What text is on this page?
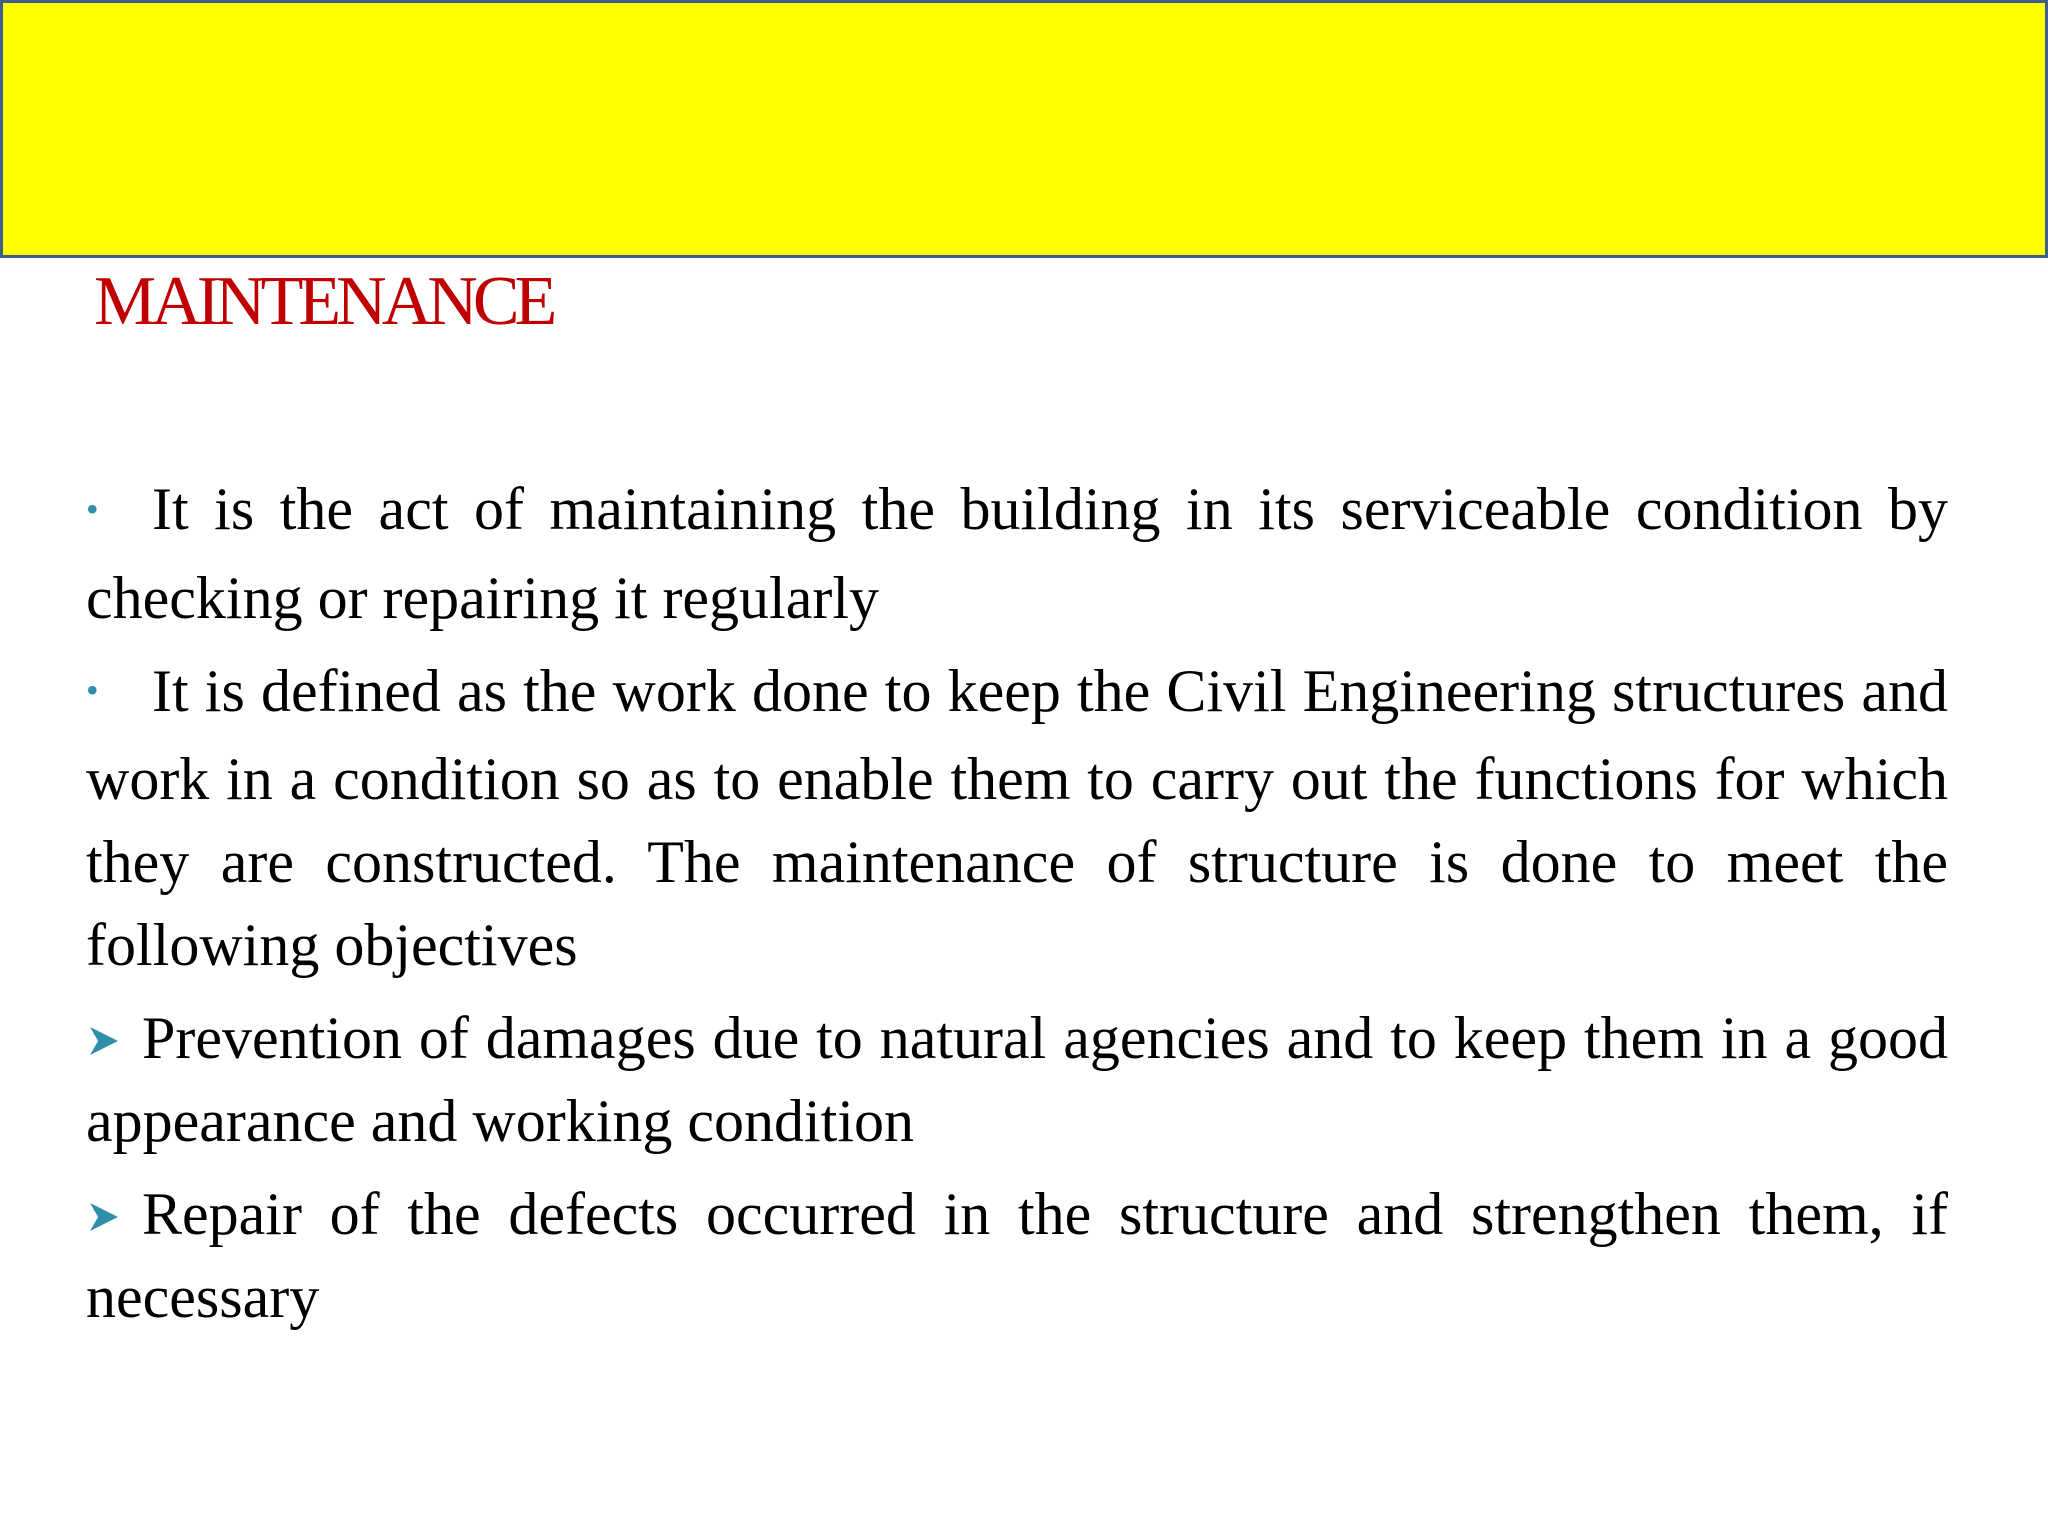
MAINTENANCE

• It is the act of maintaining the building in its serviceable condition by checking or repairing it regularly

• It is defined as the work done to keep the Civil Engineering structures and work in a condition so as to enable them to carry out the functions for which they are constructed. The maintenance of structure is done to meet the following objectives

Prevention of damages due to natural agencies and to keep them in a good appearance and working condition

Repair of the defects occurred in the structure and strengthen them, if necessary
